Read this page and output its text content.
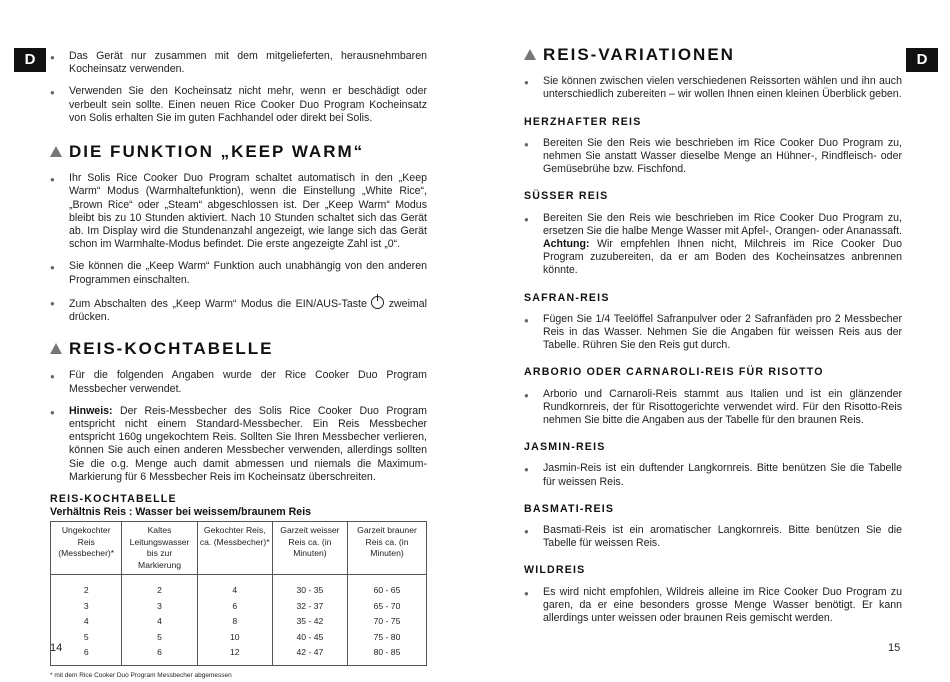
D	D
●	Das Gerät nur zusammen mit dem mitgelieferten, herausnehmbaren Kocheinsatz verwenden.
●	Verwenden Sie den Kocheinsatz nicht mehr, wenn er beschädigt oder verbeult sein sollte. Einen neuen Rice Cooker Duo Program Kocheinsatz von Solis erhalten Sie im guten Fachhandel oder direkt bei Solis.
DIE FUNKTION „KEEP WARM“
●	Ihr Solis Rice Cooker Duo Program schaltet automatisch in den „Keep Warm“ Modus (Warmhaltefunktion), wenn die Einstellung „White Rice“, „Brown Rice“ oder „Steam“ abgeschlossen ist. Der „Keep Warm“ Modus bleibt bis zu 10 Stunden aktiviert. Nach 10 Stunden schaltet sich das Gerät ab. Im Display wird die Stundenanzahl angezeigt, wie lange sich das Gerät schon im Warmhalte-Modus befindet. Die erste angezeigte Zahl ist „0“.
●	Sie können die „Keep Warm“ Funktion auch unabhängig von den anderen Programmen einschalten.
●	Zum Abschalten des „Keep Warm“ Modus die EIN/AUS-Taste  zweimal drücken.
REIS-KOCHTABELLE
●	Für die folgenden Angaben wurde der Rice Cooker Duo Program Messbecher verwendet.
●	Hinweis: Der Reis-Messbecher des Solis Rice Cooker Duo Program entspricht nicht einem Standard-Messbecher. Ein Reis Messbecher entspricht 160g ungekochtem Reis. Sollten Sie Ihren Messbecher verlieren, können Sie auch einen anderen Messbecher verwenden, allerdings sollten Sie die o.g. Menge auch damit abmessen und niemals die Maximum-Markierung für 6 Messbecher Reis im Kocheinsatz überschreiten.
REIS-KOCHTABELLE
Verhältnis Reis : Wasser bei weissem/braunem Reis
Ungekochter Reis (Messbecher)*	Kaltes Leitungswasser bis zur Markierung	Gekochter Reis, ca. (Messbecher)*	Garzeit weisser Reis ca. (in Minuten)	Garzeit brauner Reis ca. (in Minuten)
2	2	4	30 - 35	60 - 65
3	3	6	32 - 37	65 - 70
4	4	8	35 - 42	70 - 75
5	5	10	40 - 45	75 - 80
6	6	12	42 - 47	80 - 85
* mit dem Rice Cooker Duo Program Messbecher abgemessen
REIS-VARIATIONEN
●	Sie können zwischen vielen verschiedenen Reissorten wählen und ihn auch unterschiedlich zubereiten – wir wollen Ihnen einen kleinen Überblick geben.
HERZHAFTER REIS
●	Bereiten Sie den Reis wie beschrieben im Rice Cooker Duo Program zu, nehmen Sie anstatt Wasser dieselbe Menge an Hühner-, Rindfleisch- oder Gemüsebrühe bzw. Fischfond.
SÜSSER REIS
●	Bereiten Sie den Reis wie beschrieben im Rice Cooker Duo Program zu, ersetzen Sie die halbe Menge Wasser mit Apfel-, Orangen- oder Ananassaft. Achtung: Wir empfehlen Ihnen nicht, Milchreis im Rice Cooker Duo Program zuzubereiten, da er am Boden des Kocheinsatzes anbrennen könnte.
SAFRAN-REIS
●	Fügen Sie 1/4 Teelöffel Safranpulver oder 2 Safranfäden pro 2 Messbecher Reis in das Wasser. Nehmen Sie die Angaben für weissen Reis aus der Tabelle. Rühren Sie den Reis gut durch.
ARBORIO ODER CARNAROLI-REIS FÜR RISOTTO
●	Arborio und Carnaroli-Reis stammt aus Italien und ist ein glänzender Rundkornreis, der für Risottogerichte verwendet wird. Für den Risotto-Reis nehmen Sie bitte die Angaben aus der Tabelle für den braunen Reis.
JASMIN-REIS
●	Jasmin-Reis ist ein duftender Langkornreis. Bitte benützen Sie die Tabelle für weissen Reis.
BASMATI-REIS
●	Basmati-Reis ist ein aromatischer Langkornreis. Bitte benützen Sie die Tabelle für weissen Reis.
WILDREIS
●	Es wird nicht empfohlen, Wildreis alleine im Rice Cooker Duo Program zu garen, da er eine besonders grosse Menge Wasser benötigt. Er kann allerdings unter weissen oder braunen Reis gemischt werden.
14	15
